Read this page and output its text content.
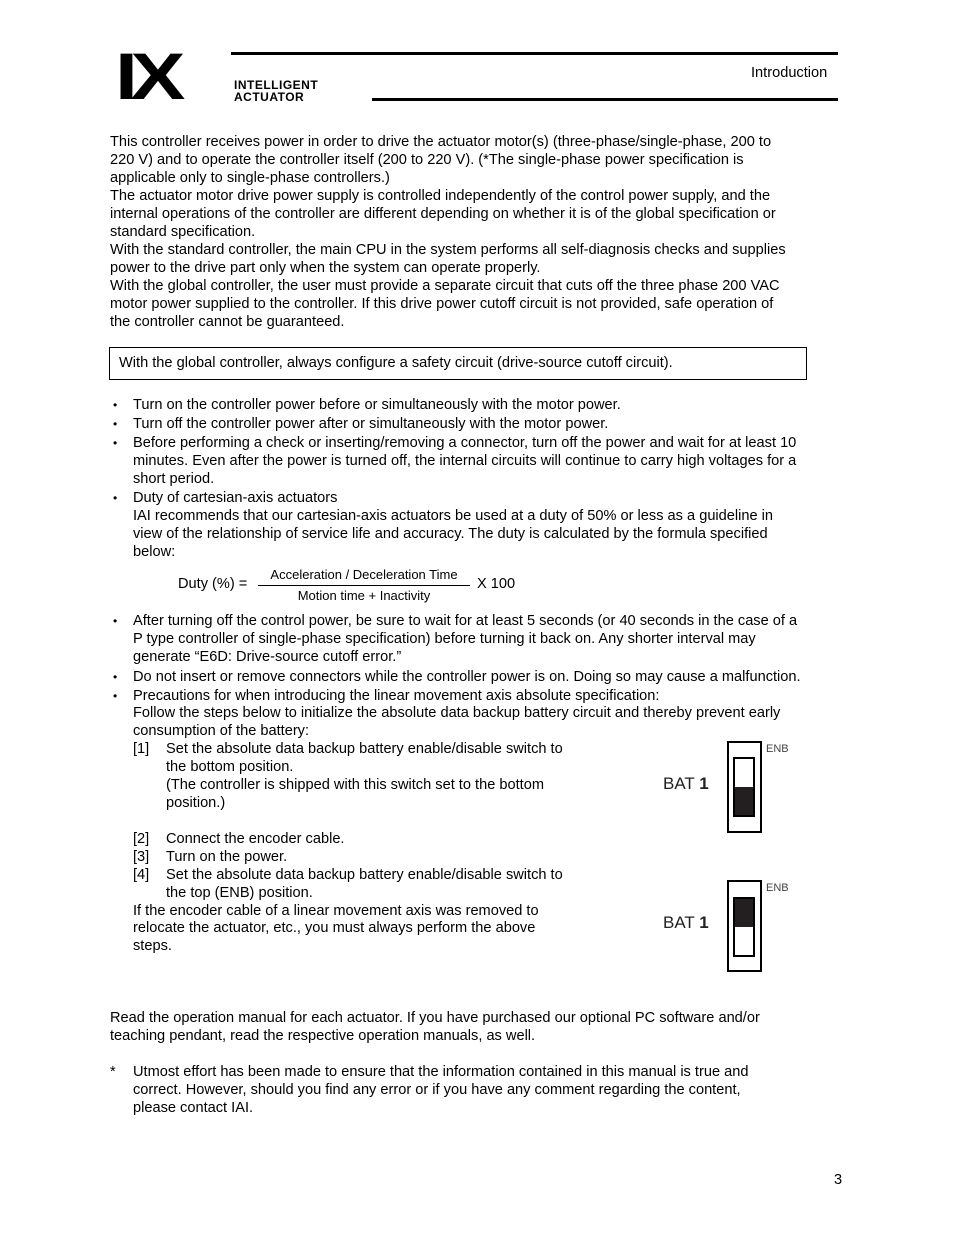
IX	INTELLIGENT
ACTUATOR
Introduction
This controller receives power in order to drive the actuator motor(s) (three-phase/single-phase, 200 to
220 V) and to operate the controller itself (200 to 220 V). (*The single-phase power specification is
applicable only to single-phase controllers.)
The actuator motor drive power supply is controlled independently of the control power supply, and the
internal operations of the controller are different depending on whether it is of the global specification or
standard specification.
With the standard controller, the main CPU in the system performs all self-diagnosis checks and supplies
power to the drive part only when the system can operate properly.
With the global controller, the user must provide a separate circuit that cuts off the three phase 200 VAC
motor power supplied to the controller. If this drive power cutoff circuit is not provided, safe operation of
the controller cannot be guaranteed.
With the global controller, always configure a safety circuit (drive-source cutoff circuit).
• Turn on the controller power before or simultaneously with the motor power.
• Turn off the controller power after or simultaneously with the motor power.
• Before performing a check or inserting/removing a connector, turn off the power and wait for at least 10
minutes. Even after the power is turned off, the internal circuits will continue to carry high voltages for a
short period.
• Duty of cartesian-axis actuators
IAI recommends that our cartesian-axis actuators be used at a duty of 50% or less as a guideline in
view of the relationship of service life and accuracy. The duty is calculated by the formula specified
below:
Duty (%) =
Acceleration / Deceleration Time
Motion time + Inactivity
X 100
• After turning off the control power, be sure to wait for at least 5 seconds (or 40 seconds in the case of a
P type controller of single-phase specification) before turning it back on. Any shorter interval may
generate “E6D: Drive-source cutoff error.”
• Do not insert or remove connectors while the controller power is on. Doing so may cause a malfunction.
• Precautions for when introducing the linear movement axis absolute specification:
Follow the steps below to initialize the absolute data backup battery circuit and thereby prevent early
consumption of the battery:
[1] Set the absolute data backup battery enable/disable switch to
the bottom position.
(The controller is shipped with this switch set to the bottom
position.)
[2] Connect the encoder cable.
[3] Turn on the power.
[4] Set the absolute data backup battery enable/disable switch to
the top (ENB) position.
If the encoder cable of a linear movement axis was removed to
relocate the actuator, etc., you must always perform the above
steps.
BAT 1
ENB
BAT 1
ENB
Read the operation manual for each actuator. If you have purchased our optional PC software and/or
teaching pendant, read the respective operation manuals, as well.
* Utmost effort has been made to ensure that the information contained in this manual is true and
correct. However, should you find any error or if you have any comment regarding the content,
please contact IAI.
3
